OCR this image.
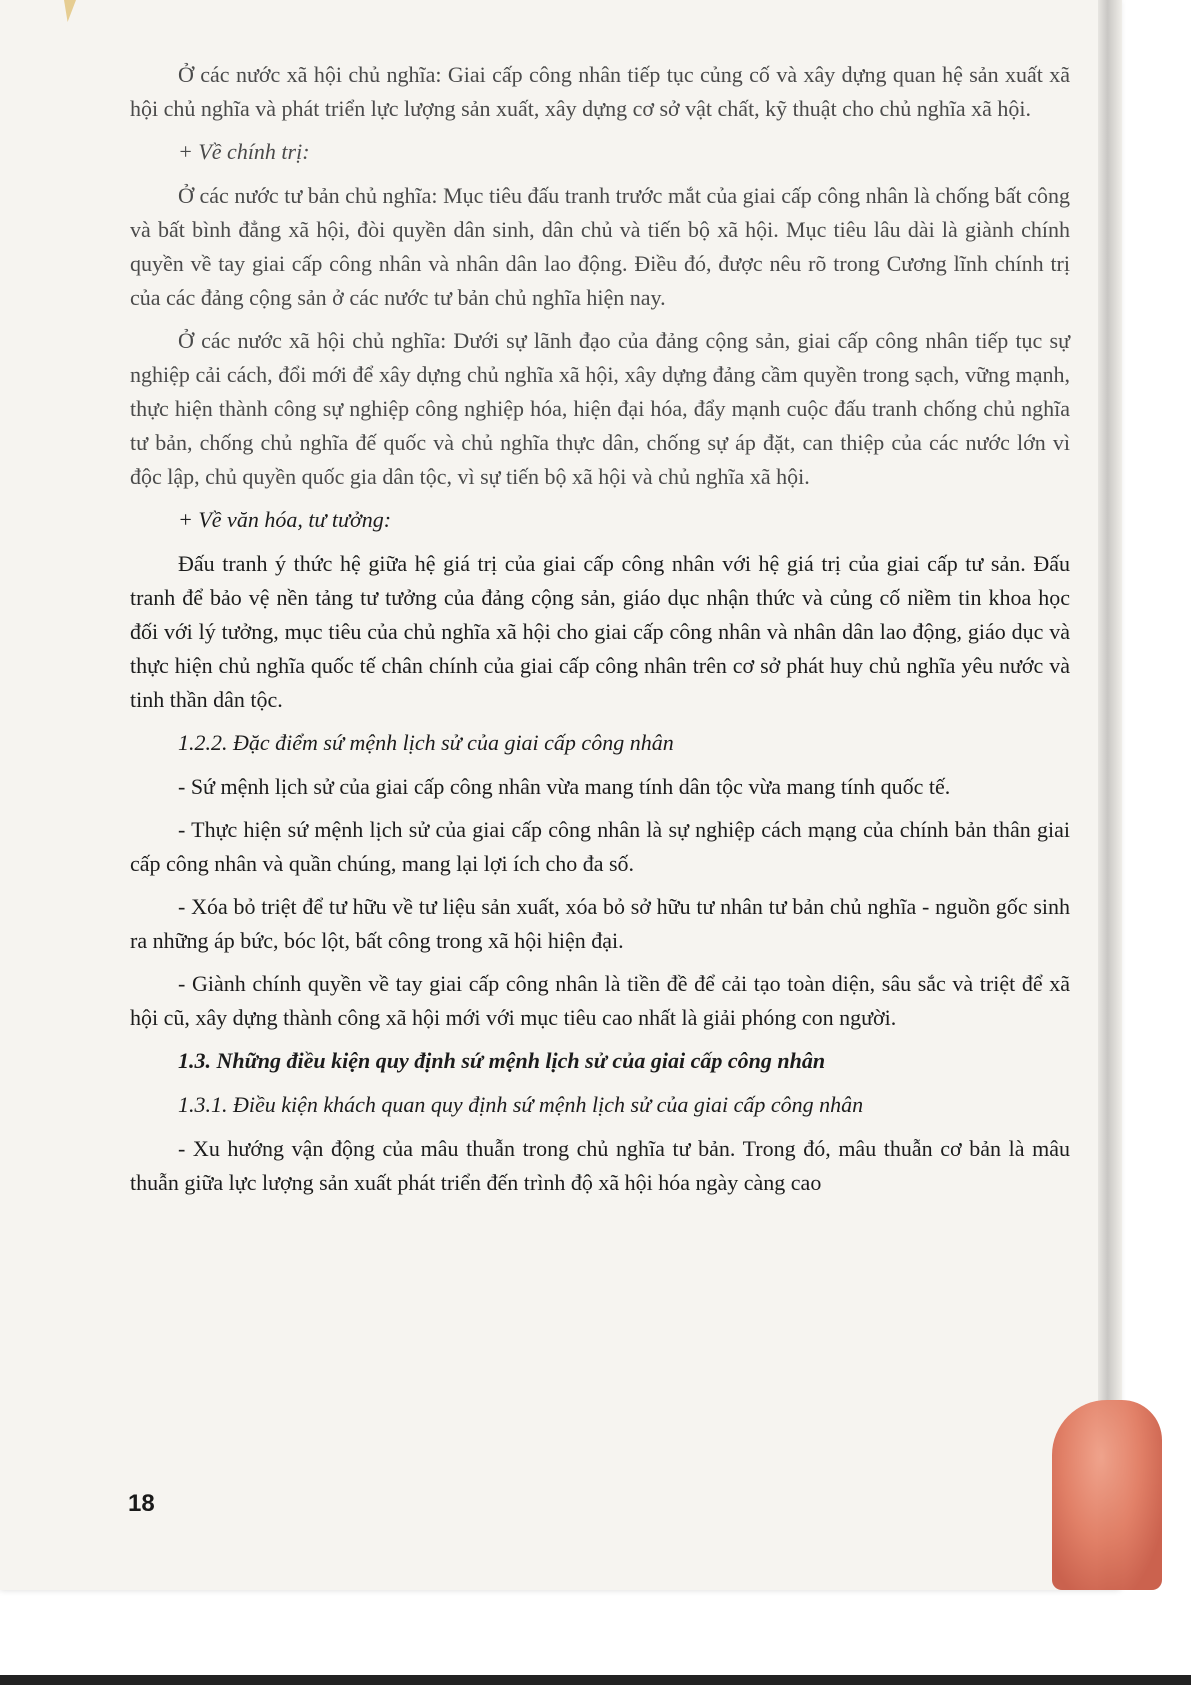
Ở các nước xã hội chủ nghĩa: Giai cấp công nhân tiếp tục củng cố và xây dựng quan hệ sản xuất xã hội chủ nghĩa và phát triển lực lượng sản xuất, xây dựng cơ sở vật chất, kỹ thuật cho chủ nghĩa xã hội.

+ Về chính trị:

Ở các nước tư bản chủ nghĩa: Mục tiêu đấu tranh trước mắt của giai cấp công nhân là chống bất công và bất bình đẳng xã hội, đòi quyền dân sinh, dân chủ và tiến bộ xã hội. Mục tiêu lâu dài là giành chính quyền về tay giai cấp công nhân và nhân dân lao động. Điều đó, được nêu rõ trong Cương lĩnh chính trị của các đảng cộng sản ở các nước tư bản chủ nghĩa hiện nay.

Ở các nước xã hội chủ nghĩa: Dưới sự lãnh đạo của đảng cộng sản, giai cấp công nhân tiếp tục sự nghiệp cải cách, đổi mới để xây dựng chủ nghĩa xã hội, xây dựng đảng cầm quyền trong sạch, vững mạnh, thực hiện thành công sự nghiệp công nghiệp hóa, hiện đại hóa, đẩy mạnh cuộc đấu tranh chống chủ nghĩa tư bản, chống chủ nghĩa đế quốc và chủ nghĩa thực dân, chống sự áp đặt, can thiệp của các nước lớn vì độc lập, chủ quyền quốc gia dân tộc, vì sự tiến bộ xã hội và chủ nghĩa xã hội.

+ Về văn hóa, tư tưởng:

Đấu tranh ý thức hệ giữa hệ giá trị của giai cấp công nhân với hệ giá trị của giai cấp tư sản. Đấu tranh để bảo vệ nền tảng tư tưởng của đảng cộng sản, giáo dục nhận thức và củng cố niềm tin khoa học đối với lý tưởng, mục tiêu của chủ nghĩa xã hội cho giai cấp công nhân và nhân dân lao động, giáo dục và thực hiện chủ nghĩa quốc tế chân chính của giai cấp công nhân trên cơ sở phát huy chủ nghĩa yêu nước và tinh thần dân tộc.

1.2.2. Đặc điểm sứ mệnh lịch sử của giai cấp công nhân

- Sứ mệnh lịch sử của giai cấp công nhân vừa mang tính dân tộc vừa mang tính quốc tế.

- Thực hiện sứ mệnh lịch sử của giai cấp công nhân là sự nghiệp cách mạng của chính bản thân giai cấp công nhân và quần chúng, mang lại lợi ích cho đa số.

- Xóa bỏ triệt để tư hữu về tư liệu sản xuất, xóa bỏ sở hữu tư nhân tư bản chủ nghĩa - nguồn gốc sinh ra những áp bức, bóc lột, bất công trong xã hội hiện đại.

- Giành chính quyền về tay giai cấp công nhân là tiền đề để cải tạo toàn diện, sâu sắc và triệt để xã hội cũ, xây dựng thành công xã hội mới với mục tiêu cao nhất là giải phóng con người.

1.3. Những điều kiện quy định sứ mệnh lịch sử của giai cấp công nhân

1.3.1. Điều kiện khách quan quy định sứ mệnh lịch sử của giai cấp công nhân

- Xu hướng vận động của mâu thuẫn trong chủ nghĩa tư bản. Trong đó, mâu thuẫn cơ bản là mâu thuẫn giữa lực lượng sản xuất phát triển đến trình độ xã hội hóa ngày càng cao

18
